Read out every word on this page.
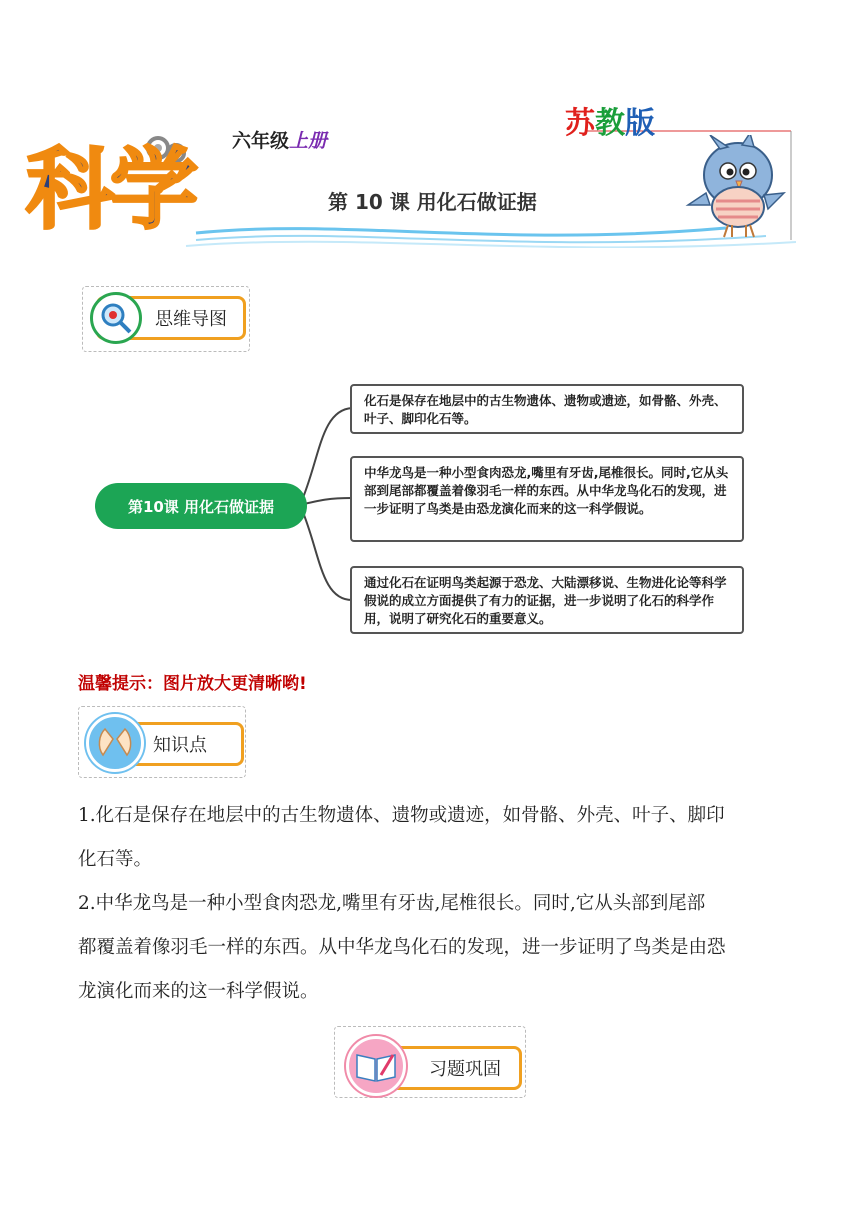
科学 六年级上册	苏教版
第 10 课 用化石做证据
思维导图
第10课 用化石做证据
化石是保存在地层中的古生物遗体、遗物或遗迹，如骨骼、外壳、叶子、脚印化石等。
中华龙鸟是一种小型食肉恐龙,嘴里有牙齿,尾椎很长。同时,它从头部到尾部都覆盖着像羽毛一样的东西。从中华龙鸟化石的发现，进一步证明了鸟类是由恐龙演化而来的这一科学假说。
通过化石在证明鸟类起源于恐龙、大陆漂移说、生物进化论等科学假说的成立方面提供了有力的证据，进一步说明了化石的科学作用，说明了研究化石的重要意义。
温馨提示：图片放大更清晰哟!
知识点
1.化石是保存在地层中的古生物遗体、遗物或遗迹，如骨骼、外壳、叶子、脚印
化石等。
2.中华龙鸟是一种小型食肉恐龙,嘴里有牙齿,尾椎很长。同时,它从头部到尾部
都覆盖着像羽毛一样的东西。从中华龙鸟化石的发现，进一步证明了鸟类是由恐
龙演化而来的这一科学假说。
习题巩固
